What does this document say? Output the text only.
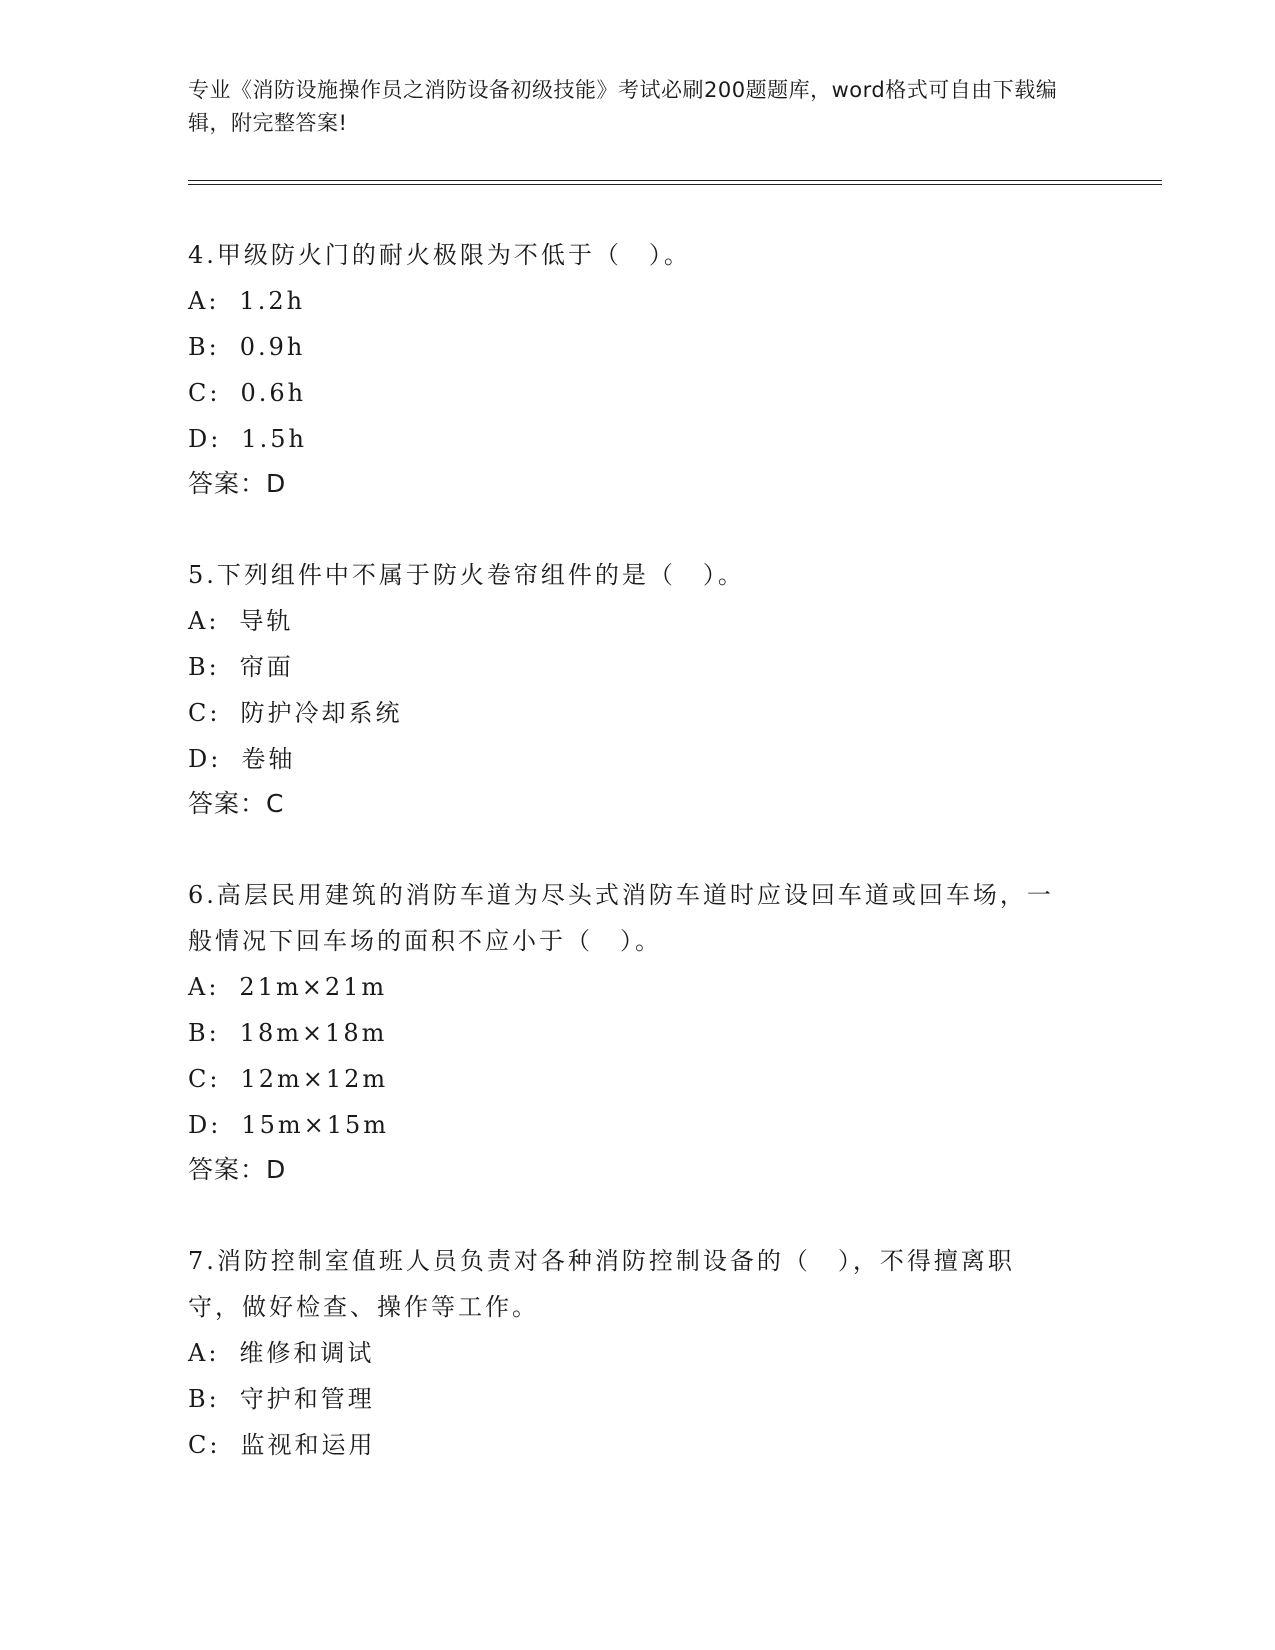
专业《消防设施操作员之消防设备初级技能》考试必刷200题题库，word格式可自由下载编辑，附完整答案!
4.甲级防火门的耐火极限为不低于（　）。
A: 1.2h
B: 0.9h
C: 0.6h
D: 1.5h
答案：D
5.下列组件中不属于防火卷帘组件的是（　）。
A: 导轨
B: 帘面
C: 防护冷却系统
D: 卷轴
答案：C
6.高层民用建筑的消防车道为尽头式消防车道时应设回车道或回车场，一般情况下回车场的面积不应小于（　）。
A: 21m×21m
B: 18m×18m
C: 12m×12m
D: 15m×15m
答案：D
7.消防控制室值班人员负责对各种消防控制设备的（　），不得擅离职守，做好检查、操作等工作。
A: 维修和调试
B: 守护和管理
C: 监视和运用
